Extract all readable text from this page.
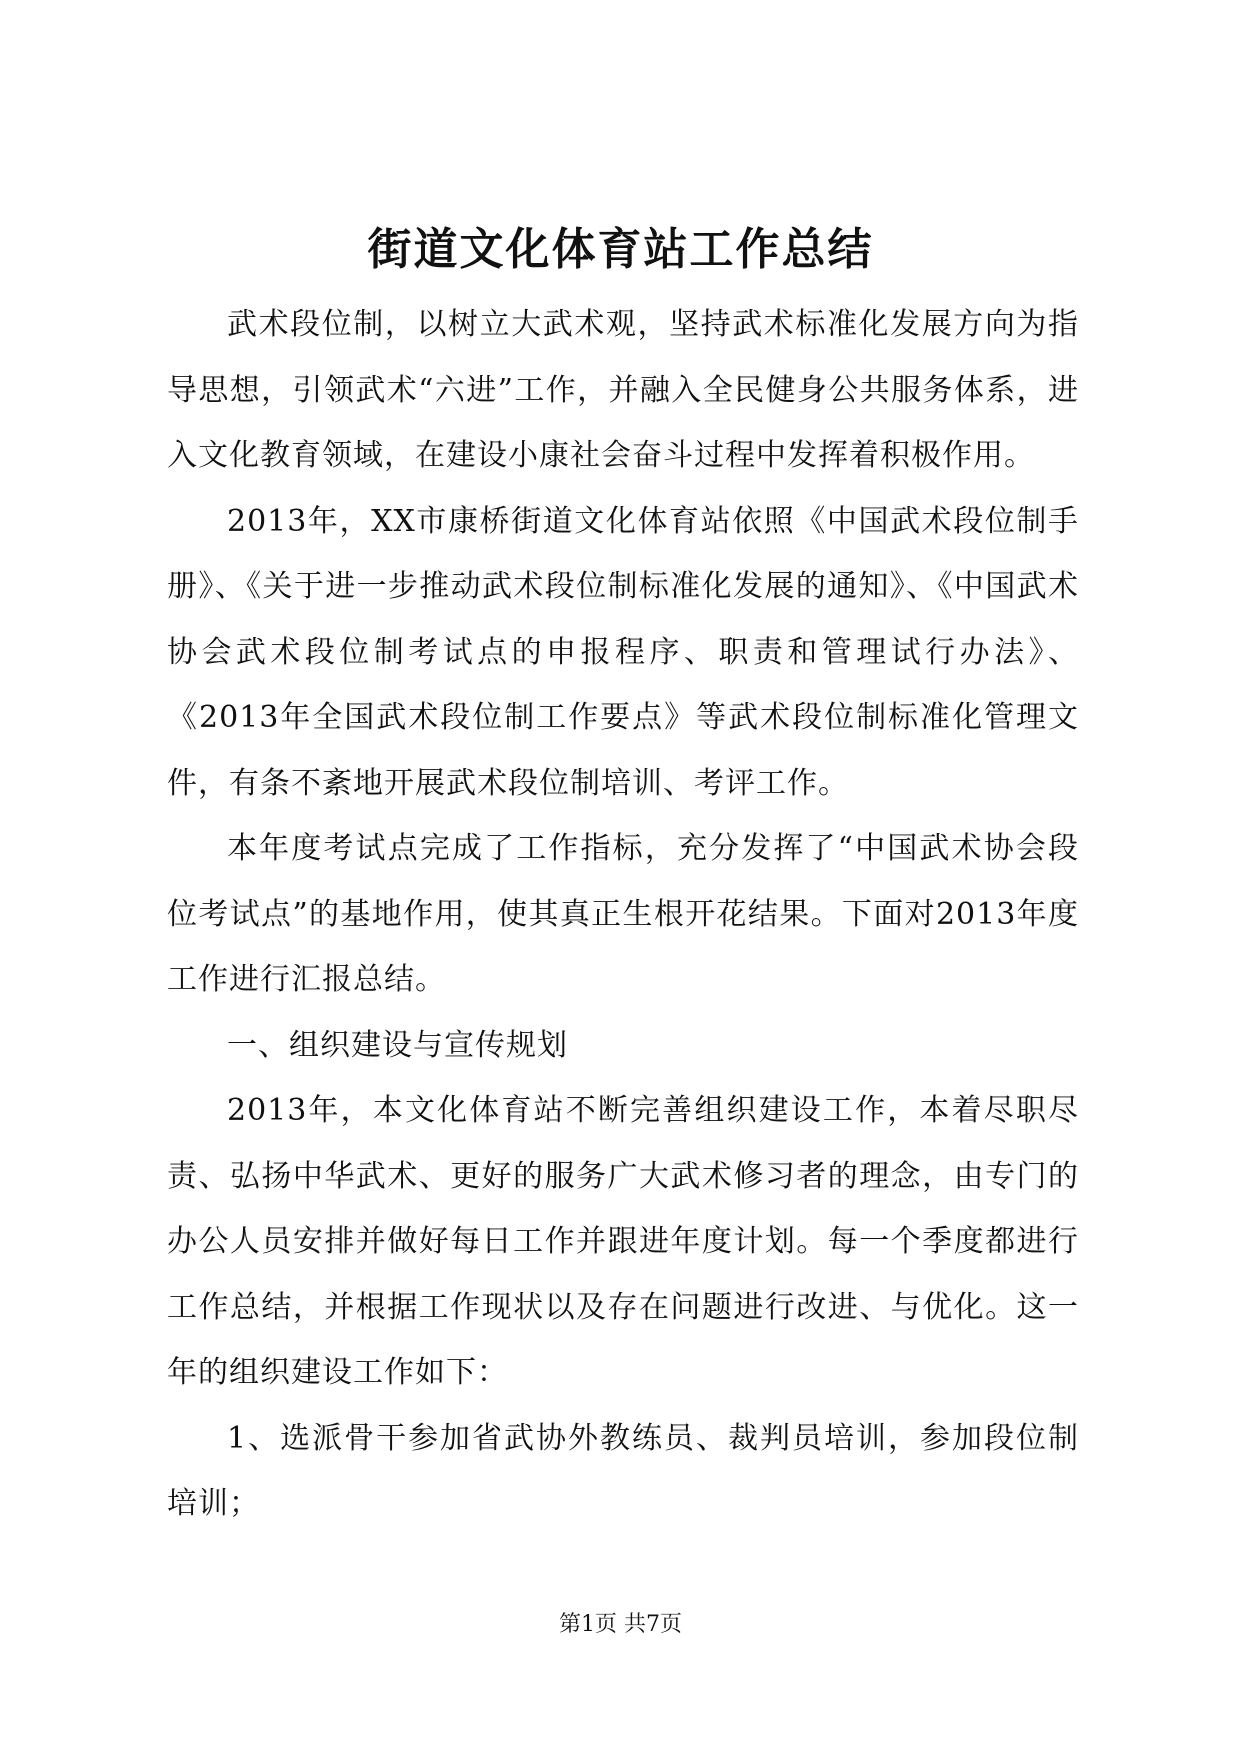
街道文化体育站工作总结

武术段位制，以树立大武术观，坚持武术标准化发展方向为指导思想，引领武术“六进”工作，并融入全民健身公共服务体系，进入文化教育领域，在建设小康社会奋斗过程中发挥着积极作用。

2013年，XX市康桥街道文化体育站依照《中国武术段位制手册》、《关于进一步推动武术段位制标准化发展的通知》、《中国武术协会武术段位制考试点的申报程序、职责和管理试行办法》、《2013年全国武术段位制工作要点》等武术段位制标准化管理文件，有条不紊地开展武术段位制培训、考评工作。

本年度考试点完成了工作指标，充分发挥了“中国武术协会段位考试点”的基地作用，使其真正生根开花结果。下面对2013年度工作进行汇报总结。

一、组织建设与宣传规划

2013年，本文化体育站不断完善组织建设工作，本着尽职尽责、弘扬中华武术、更好的服务广大武术修习者的理念，由专门的办公人员安排并做好每日工作并跟进年度计划。每一个季度都进行工作总结，并根据工作现状以及存在问题进行改进、与优化。这一年的组织建设工作如下：

1、选派骨干参加省武协外教练员、裁判员培训，参加段位制培训；

第1页 共7页
